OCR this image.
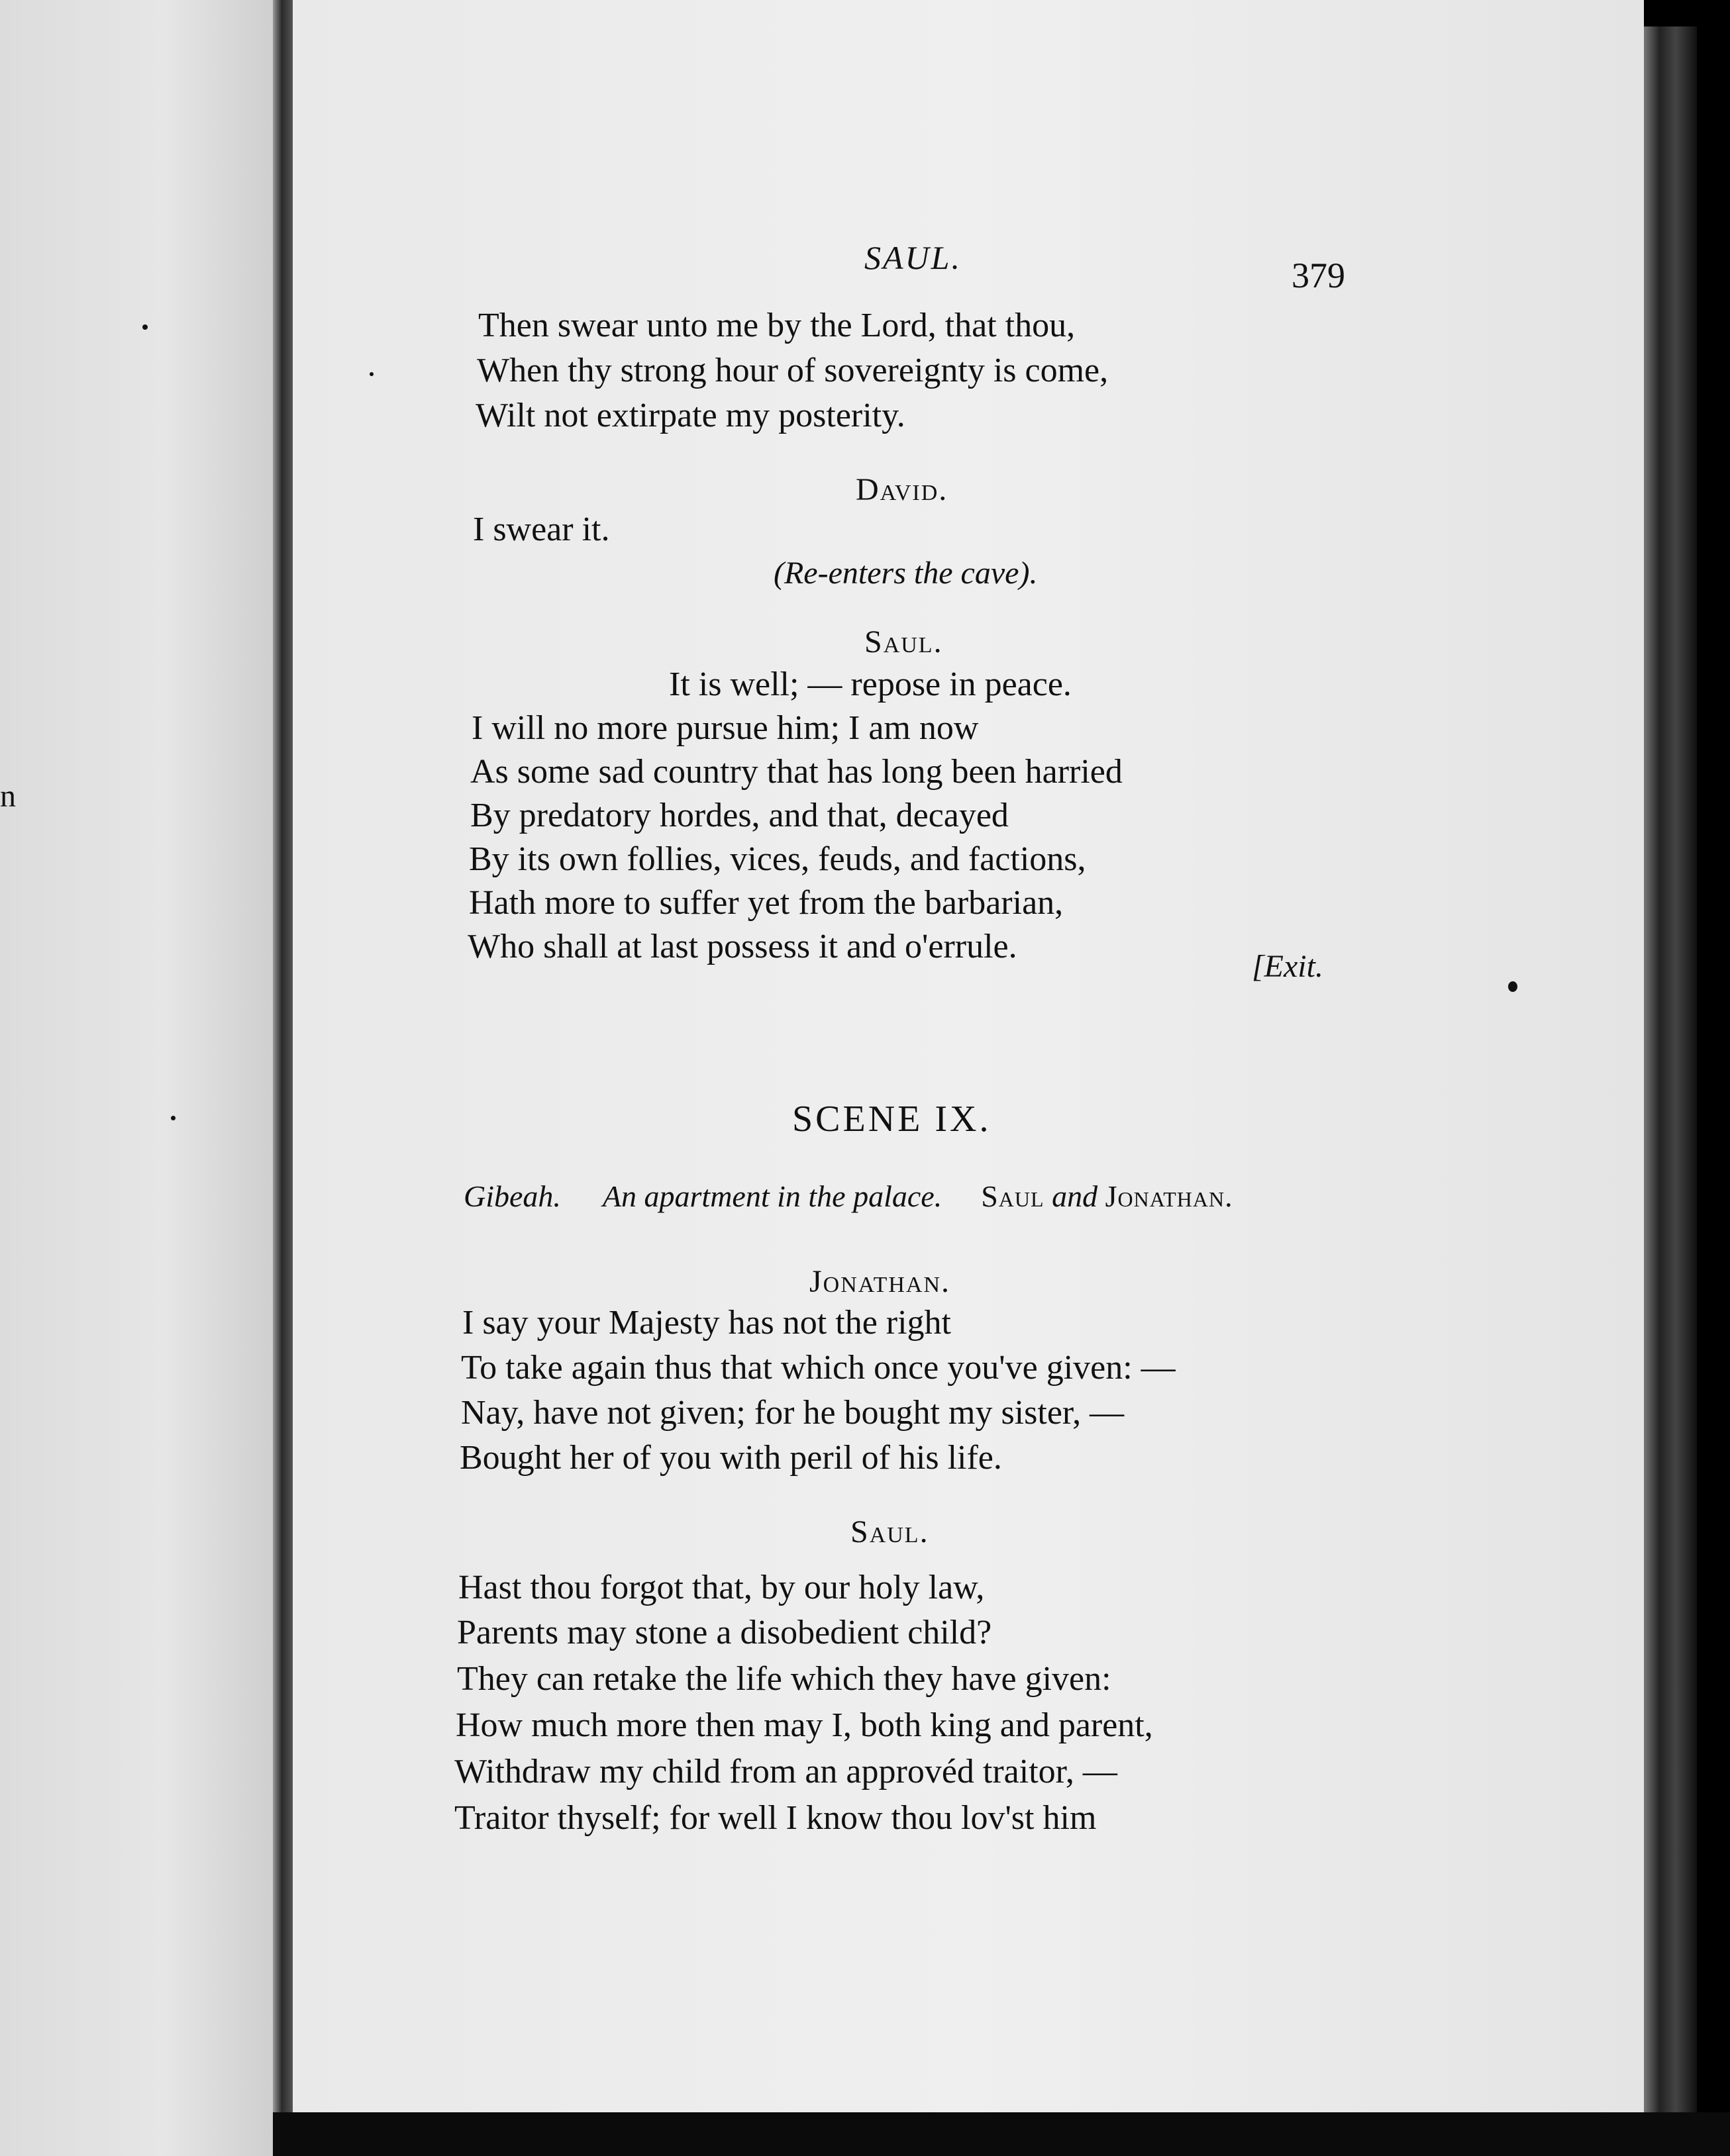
n
SAUL.	379
Then swear unto me by the Lord, that thou,
When thy strong hour of sovereignty is come,
Wilt not extirpate my posterity.
David.
I swear it.
(Re-enters the cave).
Saul.
It is well; — repose in peace.
I will no more pursue him; I am now
As some sad country that has long been harried
By predatory hordes, and that, decayed
By its own follies, vices, feuds, and factions,
Hath more to suffer yet from the barbarian,
Who shall at last possess it and o'errule.
[Exit.
SCENE IX.
Gibeah. An apartment in the palace. Saul and Jonathan.
Jonathan.
I say your Majesty has not the right
To take again thus that which once you've given: —
Nay, have not given; for he bought my sister, —
Bought her of you with peril of his life.
Saul.
Hast thou forgot that, by our holy law,
Parents may stone a disobedient child?
They can retake the life which they have given:
How much more then may I, both king and parent,
Withdraw my child from an approvéd traitor, —
Traitor thyself; for well I know thou lov'st him
